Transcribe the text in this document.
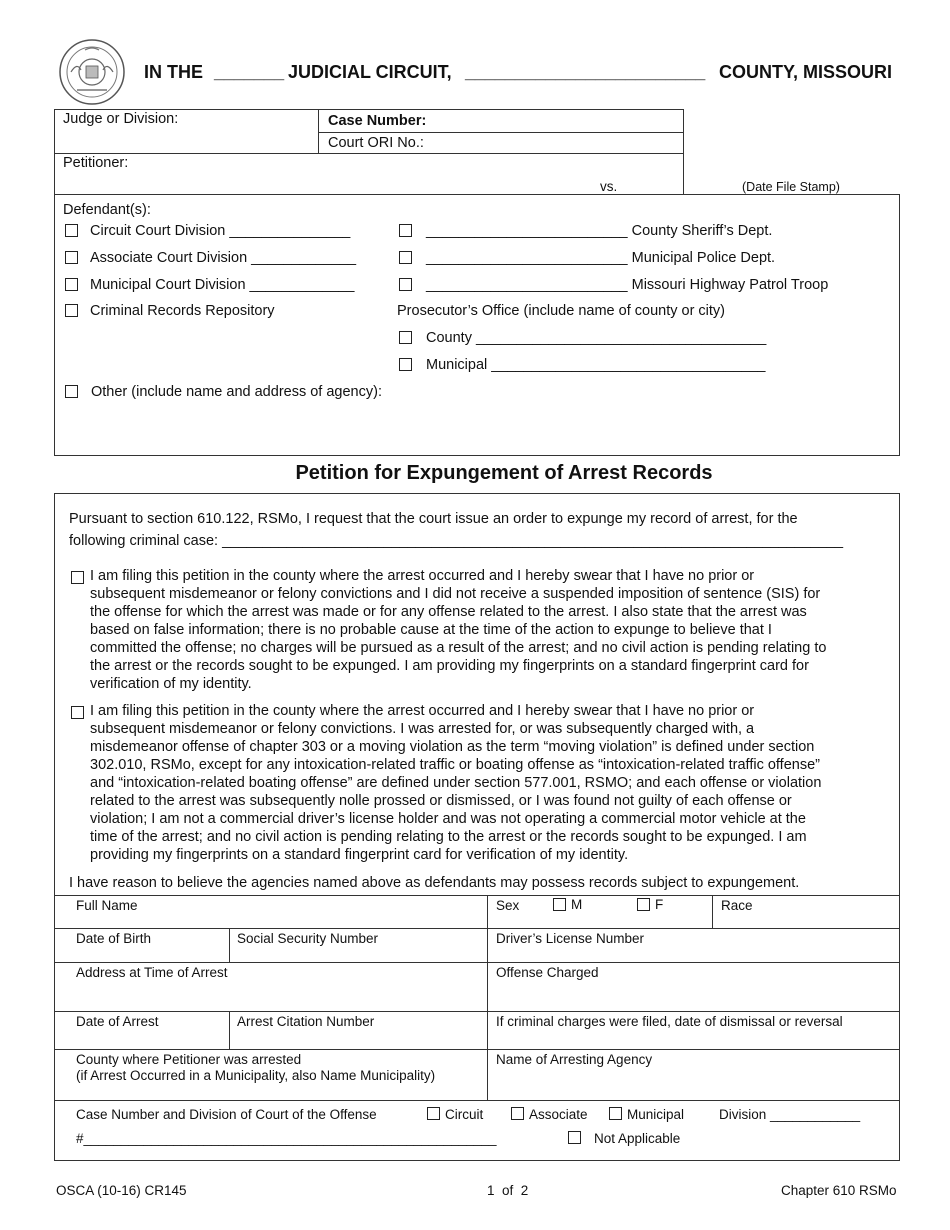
IN THE _______ JUDICIAL CIRCUIT, ________________________ COUNTY, MISSOURI
Judge or Division:	Case Number:
Court ORI No.:
Petitioner:
vs.	(Date File Stamp)
Defendant(s):
Circuit Court Division _______________
Associate Court Division _____________
Municipal Court Division _____________
Criminal Records Repository
_________________________ County Sheriff’s Dept.
_________________________ Municipal Police Dept.
_________________________ Missouri Highway Patrol Troop
Prosecutor’s Office (include name of county or city)
County ____________________________________
Municipal __________________________________
Other (include name and address of agency):
Petition for Expungement of Arrest Records
Pursuant to section 610.122, RSMo, I request that the court issue an order to expunge my record of arrest, for the
following criminal case: _____________________________________________________________________________
I am filing this petition in the county where the arrest occurred and I hereby swear that I have no prior or
subsequent misdemeanor or felony convictions and I did not receive a suspended imposition of sentence (SIS) for
the offense for which the arrest was made or for any offense related to the arrest. I also state that the arrest was
based on false information; there is no probable cause at the time of the action to expunge to believe that I
committed the offense; no charges will be pursued as a result of the arrest; and no civil action is pending relating to
the arrest or the records sought to be expunged. I am providing my fingerprints on a standard fingerprint card for
verification of my identity.
I am filing this petition in the county where the arrest occurred and I hereby swear that I have no prior or
subsequent misdemeanor or felony convictions. I was arrested for, or was subsequently charged with, a
misdemeanor offense of chapter 303 or a moving violation as the term “moving violation” is defined under section
302.010, RSMo, except for any intoxication-related traffic or boating offense as “intoxication-related traffic offense”
and “intoxication-related boating offense” are defined under section 577.001, RSMO; and each offense or violation
related to the arrest was subsequently nolle prossed or dismissed, or I was found not guilty of each offense or
violation; I am not a commercial driver’s license holder and was not operating a commercial motor vehicle at the
time of the arrest; and no civil action is pending relating to the arrest or the records sought to be expunged. I am
providing my fingerprints on a standard fingerprint card for verification of my identity.
I have reason to believe the agencies named above as defendants may possess records subject to expungement.
Full Name	Sex	M	F	Race
Date of Birth	Social Security Number	Driver’s License Number
Address at Time of Arrest	Offense Charged
Date of Arrest	Arrest Citation Number	If criminal charges were filed, date of dismissal or reversal
County where Petitioner was arrested
(if Arrest Occurred in a Municipality, also Name Municipality)
Name of Arresting Agency
Case Number and Division of Court of the Offense	Circuit	Associate	Municipal	Division ____________
#_______________________________________________________	Not Applicable
OSCA (10-16) CR145	1  of  2	Chapter 610 RSMo
